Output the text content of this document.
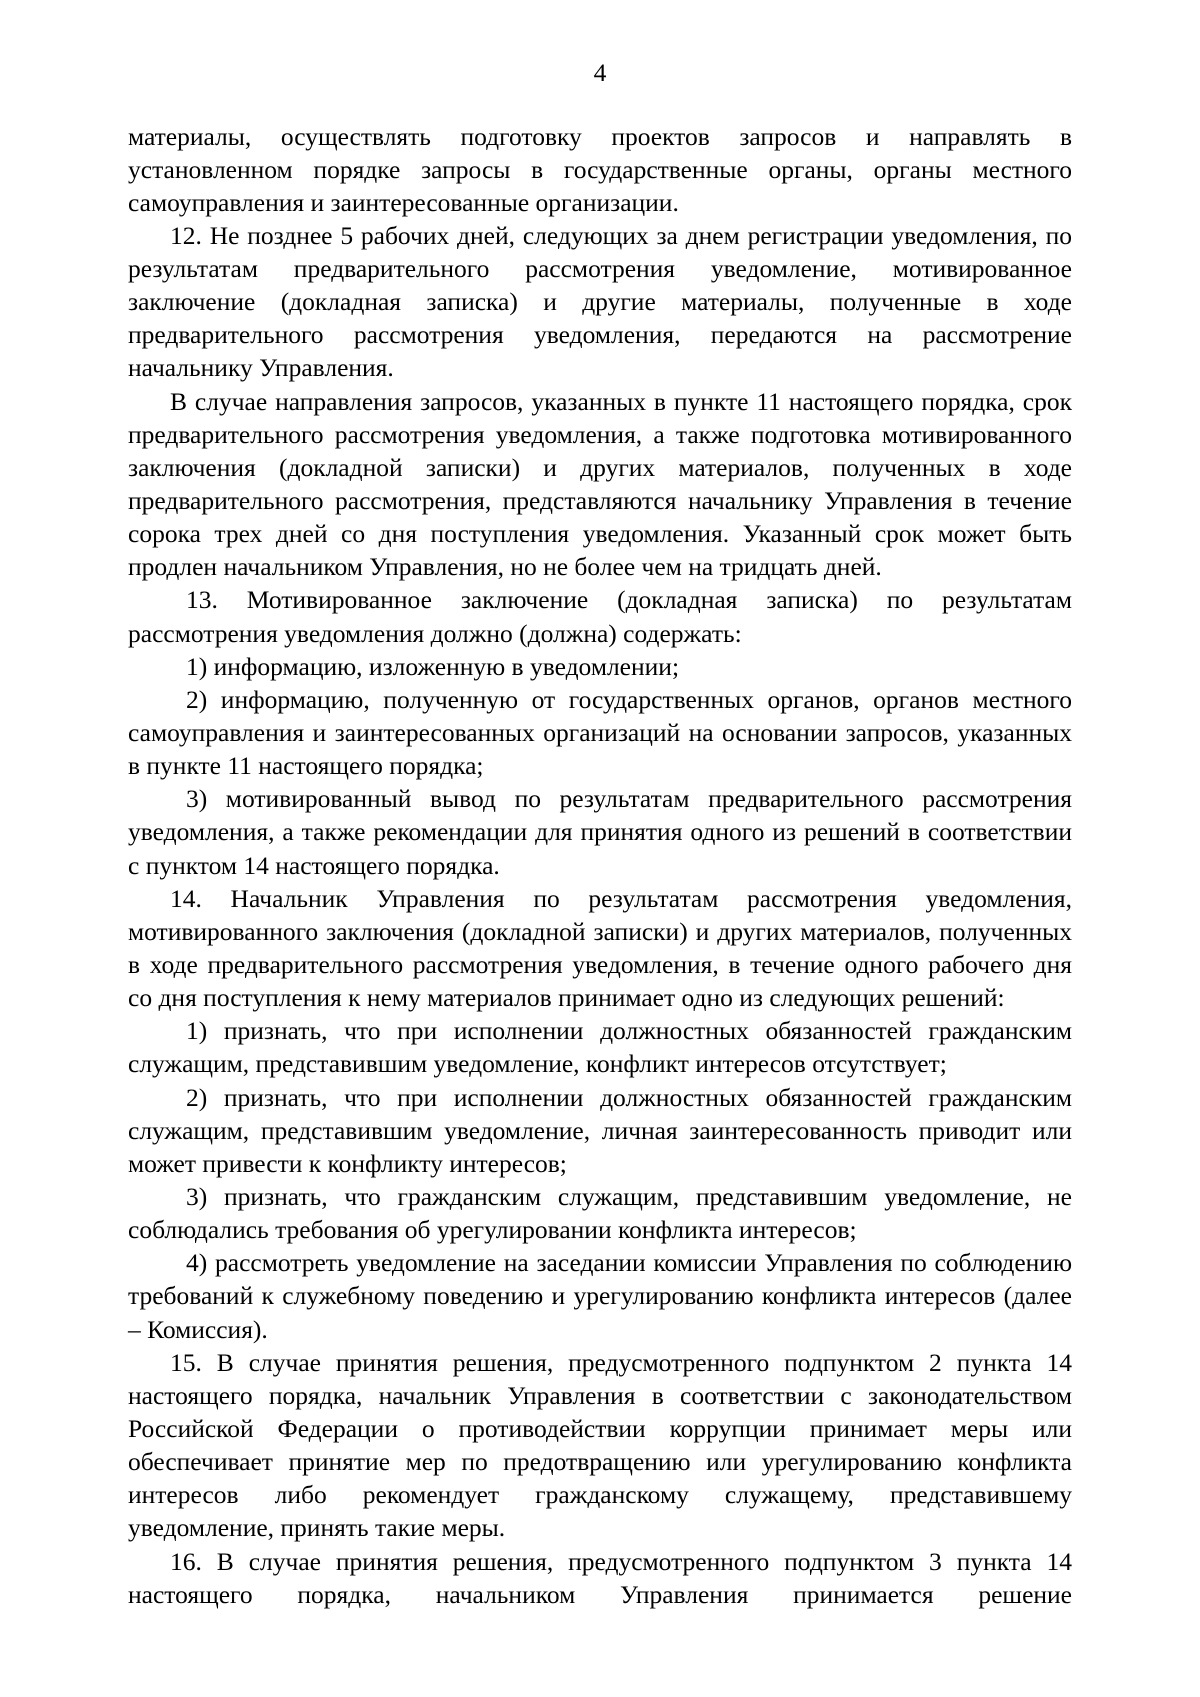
4

материалы, осуществлять подготовку проектов запросов и направлять в установленном порядке запросы в государственные органы, органы местного самоуправления и заинтересованные организации.

12. Не позднее 5 рабочих дней, следующих за днем регистрации уведомления, по результатам предварительного рассмотрения уведомление, мотивированное заключение (докладная записка) и другие материалы, полученные в ходе предварительного рассмотрения уведомления, передаются на рассмотрение начальнику Управления.

В случае направления запросов, указанных в пункте 11 настоящего порядка, срок предварительного рассмотрения уведомления, а также подготовка мотивированного заключения (докладной записки) и других материалов, полученных в ходе предварительного рассмотрения, представляются начальнику Управления в течение сорока трех дней со дня поступления уведомления. Указанный срок может быть продлен начальником Управления, но не более чем на тридцать дней.

13. Мотивированное заключение (докладная записка) по результатам рассмотрения уведомления должно (должна) содержать:

1) информацию, изложенную в уведомлении;

2) информацию, полученную от государственных органов, органов местного самоуправления и заинтересованных организаций на основании запросов, указанных в пункте 11 настоящего порядка;

3) мотивированный вывод по результатам предварительного рассмотрения уведомления, а также рекомендации для принятия одного из решений в соответствии с пунктом 14 настоящего порядка.

14. Начальник Управления по результатам рассмотрения уведомления, мотивированного заключения (докладной записки) и других материалов, полученных в ходе предварительного рассмотрения уведомления, в течение одного рабочего дня со дня поступления к нему материалов принимает одно из следующих решений:

1) признать, что при исполнении должностных обязанностей гражданским служащим, представившим уведомление, конфликт интересов отсутствует;

2) признать, что при исполнении должностных обязанностей гражданским служащим, представившим уведомление, личная заинтересованность приводит или может привести к конфликту интересов;

3) признать, что гражданским служащим, представившим уведомление, не соблюдались требования об урегулировании конфликта интересов;

4) рассмотреть уведомление на заседании комиссии Управления по соблюдению требований к служебному поведению и урегулированию конфликта интересов (далее – Комиссия).

15. В случае принятия решения, предусмотренного подпунктом 2 пункта 14 настоящего порядка, начальник Управления в соответствии с законодательством Российской Федерации о противодействии коррупции принимает меры или обеспечивает принятие мер по предотвращению или урегулированию конфликта интересов либо рекомендует гражданскому служащему, представившему уведомление, принять такие меры.

16. В случае принятия решения, предусмотренного подпунктом 3 пункта 14 настоящего порядка, начальником Управления принимается решение
